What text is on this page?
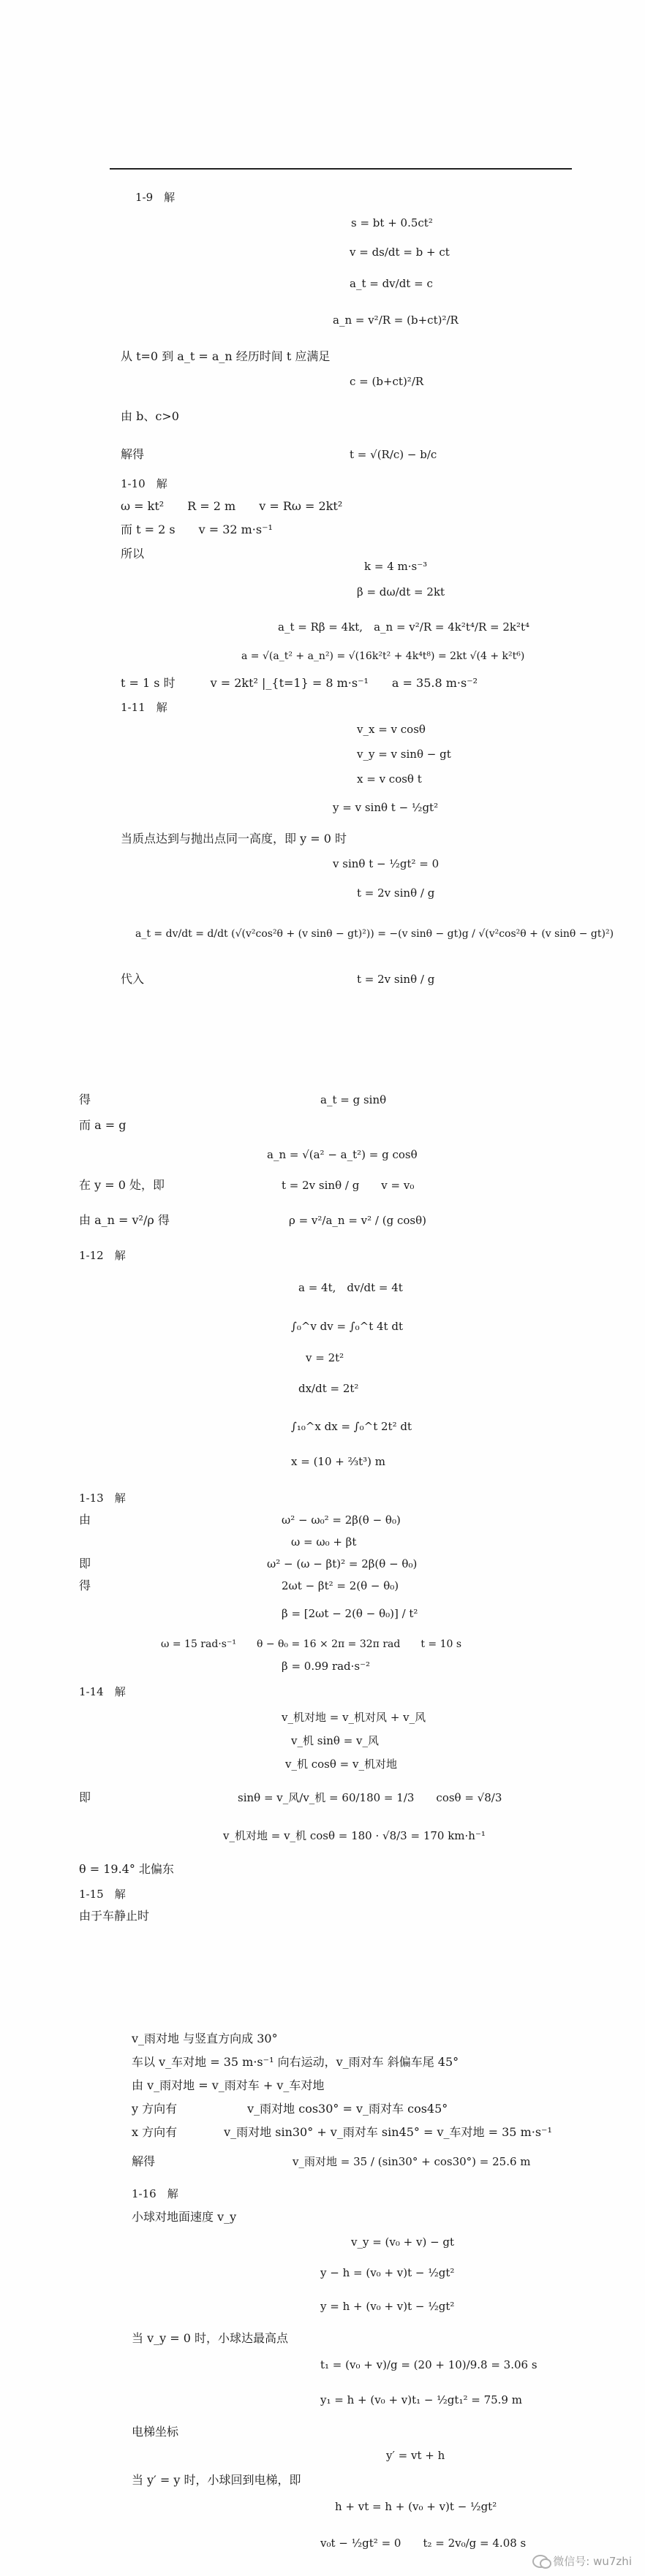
1-9　解
s = bt + 0.5ct²
v = ds/dt = b + ct
a_t = dv/dt = c
a_n = v²/R = (b+ct)²/R
从 t=0 到 a_t = a_n 经历时间 t 应满足
c = (b+ct)²/R
由 b、c>0
解得	t = √(R/c) − b/c
1-10　解
ω = kt²　　R = 2 m　　v = Rω = 2kt²
而 t = 2 s　　v = 32 m·s⁻¹
所以
k = 4 m·s⁻³
β = dω/dt = 2kt
a_t = Rβ = 4kt,　a_n = v²/R = 4k²t⁴/R = 2k²t⁴
a = √(a_t² + a_n²) = √(16k²t² + 4k⁴t⁸) = 2kt √(4 + k²t⁶)
t = 1 s 时　　　v = 2kt² |_{t=1} = 8 m·s⁻¹　　a = 35.8 m·s⁻²
1-11　解
v_x = v cosθ
v_y = v sinθ − gt
x = v cosθ t
y = v sinθ t − ½gt²
当质点达到与抛出点同一高度，即 y = 0 时
v sinθ t − ½gt² = 0
t = 2v sinθ / g
a_t = dv/dt = d/dt (√(v²cos²θ + (v sinθ − gt)²)) = −(v sinθ − gt)g / √(v²cos²θ + (v sinθ − gt)²)
代入	t = 2v sinθ / g
得	a_t = g sinθ
而 a = g
a_n = √(a² − a_t²) = g cosθ
在 y = 0 处，即	t = 2v sinθ / g　　v = v₀
由 a_n = v²/ρ 得	ρ = v²/a_n = v² / (g cosθ)
1-12　解
a = 4t,　dv/dt = 4t
∫₀^v dv = ∫₀^t 4t dt
v = 2t²
dx/dt = 2t²
∫₁₀^x dx = ∫₀^t 2t² dt
x = (10 + ⅔t³) m
1-13　解
由	ω² − ω₀² = 2β(θ − θ₀)
ω = ω₀ + βt
即	ω² − (ω − βt)² = 2β(θ − θ₀)
得	2ωt − βt² = 2(θ − θ₀)
β = [2ωt − 2(θ − θ₀)] / t²
ω = 15 rad·s⁻¹　　θ − θ₀ = 16 × 2π = 32π rad　　t = 10 s
β = 0.99 rad·s⁻²
1-14　解
v_机对地 = v_机对风 + v_风
v_机 sinθ = v_风
v_机 cosθ = v_机对地
即	sinθ = v_风/v_机 = 60/180 = 1/3　　cosθ = √8/3
v_机对地 = v_机 cosθ = 180 · √8/3 = 170 km·h⁻¹
θ = 19.4° 北偏东
1-15　解
由于车静止时
v_雨对地 与竖直方向成 30°
车以 v_车对地 = 35 m·s⁻¹ 向右运动，v_雨对车 斜偏车尾 45°
由 v_雨对地 = v_雨对车 + v_车对地
y 方向有　　　　　　v_雨对地 cos30° = v_雨对车 cos45°
x 方向有　　　　v_雨对地 sin30° + v_雨对车 sin45° = v_车对地 = 35 m·s⁻¹
解得	v_雨对地 = 35 / (sin30° + cos30°) = 25.6 m
1-16　解
小球对地面速度 v_y
v_y = (v₀ + v) − gt
y − h = (v₀ + v)t − ½gt²
y = h + (v₀ + v)t − ½gt²
当 v_y = 0 时，小球达最高点
t₁ = (v₀ + v)/g = (20 + 10)/9.8 = 3.06 s
y₁ = h + (v₀ + v)t₁ − ½gt₁² = 75.9 m
电梯坐标
y′ = vt + h
当 y′ = y 时，小球回到电梯，即
h + vt = h + (v₀ + v)t − ½gt²
v₀t − ½gt² = 0　　t₂ = 2v₀/g = 4.08 s
微信号: wu7zhi
